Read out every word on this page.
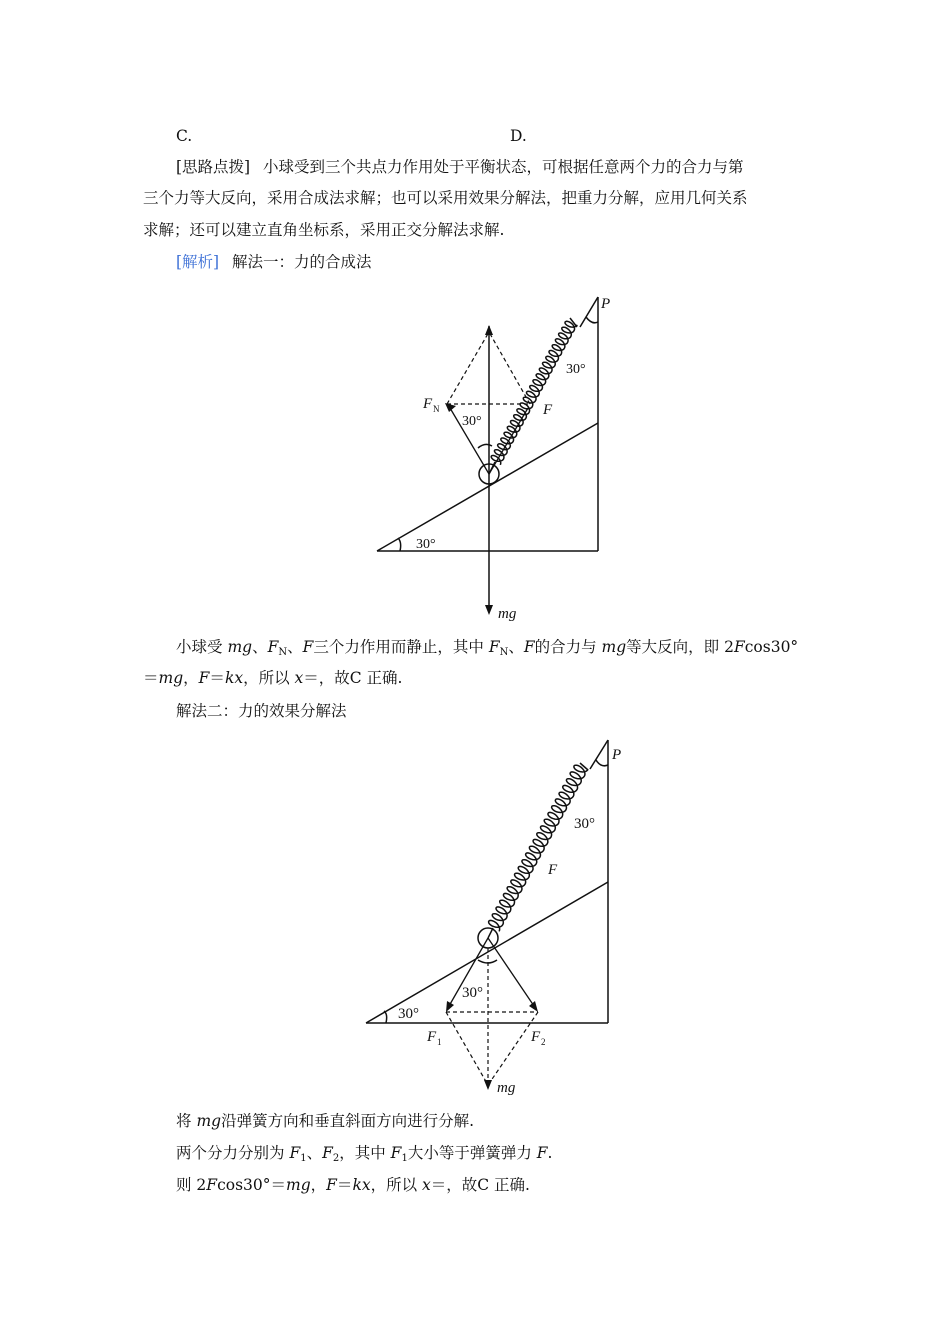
C.	D.
[思路点拨] 小球受到三个共点力作用处于平衡状态，可根据任意两个力的合力与第
三个力等大反向，采用合成法求解；也可以采用效果分解法，把重力分解，应用几何关系
求解；还可以建立直角坐标系，采用正交分解法求解.
[解析] 解法一：力的合成法
P
30°
F N
30°
F
30°
mg
小球受 mg、$F_N$、F三个力作用而静止，其中 $F_N$、F的合力与 mg等大反向，即 2Fcos30°
＝mg，F＝kx，所以 x＝，故C 正确.
解法二：力的效果分解法
P
30°
F
30°
30°
F 1	F 2
mg
将 mg沿弹簧方向和垂直斜面方向进行分解.
两个分力分别为 $F_1$、$F_2$，其中 $F_1$大小等于弹簧弹力 F.
则 2Fcos30°＝mg，F＝kx，所以 x＝，故C 正确.
